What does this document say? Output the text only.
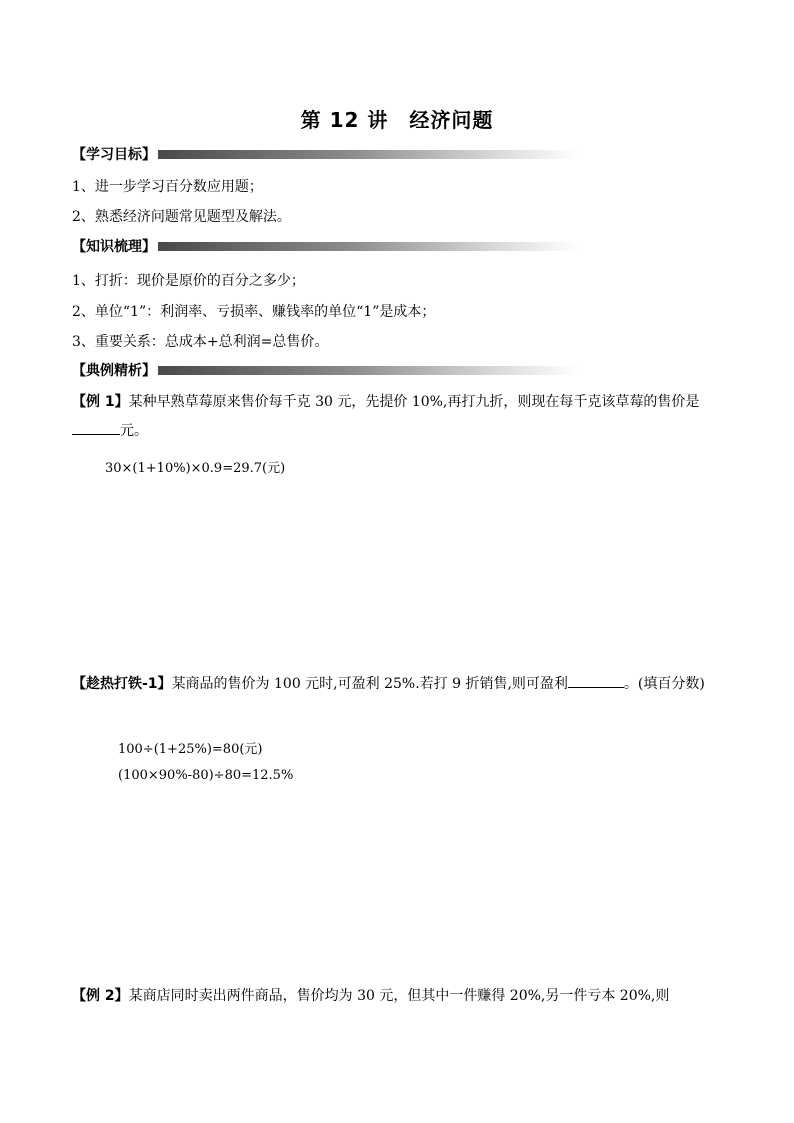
第 12 讲　经济问题
【学习目标】
1、进一步学习百分数应用题；
2、熟悉经济问题常见题型及解法。
【知识梳理】
1、打折：现价是原价的百分之多少；
2、单位“1”：利润率、亏损率、赚钱率的单位“1”是成本；
3、重要关系：总成本+总利润=总售价。
【典例精析】
【例 1】某种早熟草莓原来售价每千克 30 元，先提价 10%,再打九折，则现在每千克该草莓的售价是元。
30×(1+10%)×0.9=29.7(元)
【趁热打铁-1】某商品的售价为 100 元时,可盈利 25%.若打 9 折销售,则可盈利	。(填百分数)
100÷(1+25%)=80(元)
(100×90%-80)÷80=12.5%
【例 2】某商店同时卖出两件商品，售价均为 30 元，但其中一件赚得 20%,另一件亏本 20%,则
